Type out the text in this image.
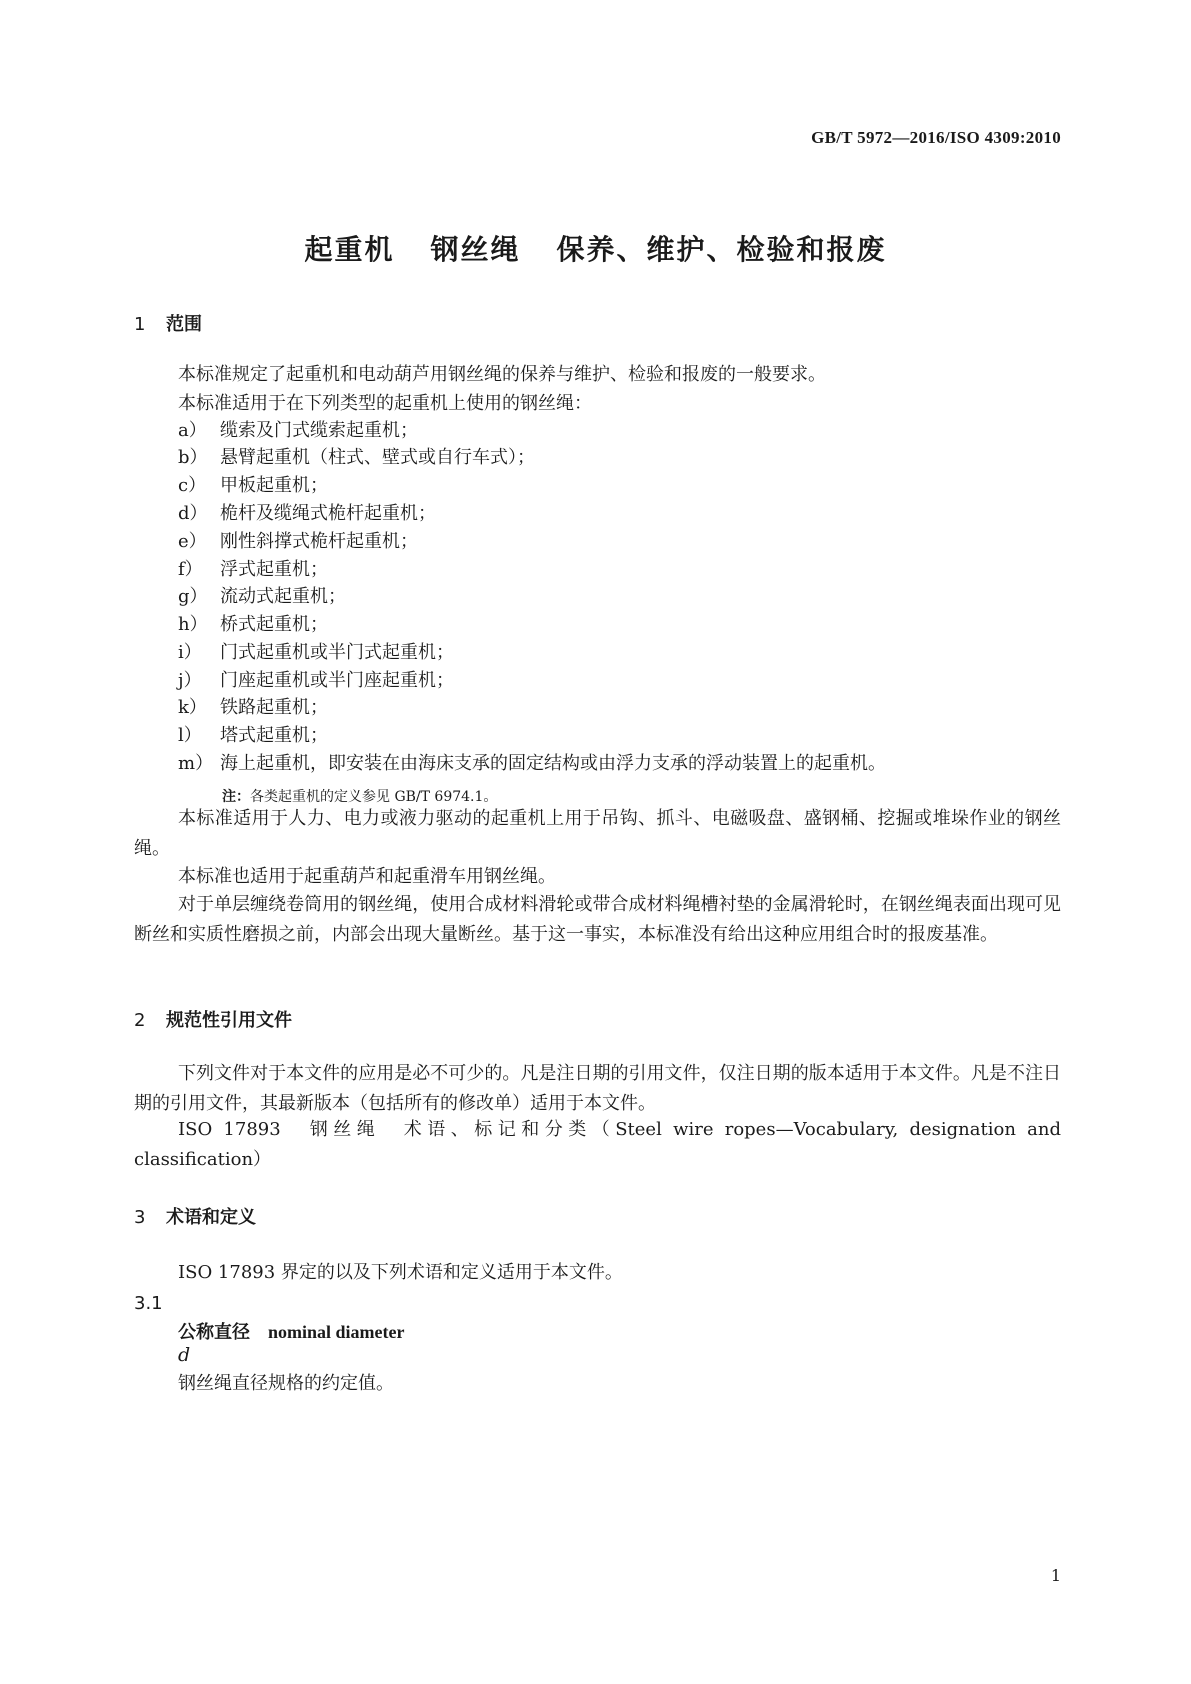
GB/T 5972—2016/ISO 4309:2010
起重机 钢丝绳 保养、维护、检验和报废
1 范围
本标准规定了起重机和电动葫芦用钢丝绳的保养与维护、检验和报废的一般要求。
本标准适用于在下列类型的起重机上使用的钢丝绳：
a） 缆索及门式缆索起重机；
b） 悬臂起重机（柱式、壁式或自行车式）；
c） 甲板起重机；
d） 桅杆及缆绳式桅杆起重机；
e） 刚性斜撑式桅杆起重机；
f） 浮式起重机；
g） 流动式起重机；
h） 桥式起重机；
i） 门式起重机或半门式起重机；
j） 门座起重机或半门座起重机；
k） 铁路起重机；
l） 塔式起重机；
m） 海上起重机，即安装在由海床支承的固定结构或由浮力支承的浮动装置上的起重机。
注：各类起重机的定义参见 GB/T 6974.1。
本标准适用于人力、电力或液力驱动的起重机上用于吊钩、抓斗、电磁吸盘、盛钢桶、挖掘或堆垛作业的钢丝绳。
本标准也适用于起重葫芦和起重滑车用钢丝绳。
对于单层缠绕卷筒用的钢丝绳，使用合成材料滑轮或带合成材料绳槽衬垫的金属滑轮时，在钢丝绳表面出现可见断丝和实质性磨损之前，内部会出现大量断丝。基于这一事实，本标准没有给出这种应用组合时的报废基准。
2 规范性引用文件
下列文件对于本文件的应用是必不可少的。凡是注日期的引用文件，仅注日期的版本适用于本文件。凡是不注日期的引用文件，其最新版本（包括所有的修改单）适用于本文件。
ISO 17893　钢丝绳　术语、标记和分类（Steel wire ropes—Vocabulary, designation and classification）
3 术语和定义
ISO 17893 界定的以及下列术语和定义适用于本文件。
3.1
公称直径 nominal diameter
d
钢丝绳直径规格的约定值。
1
